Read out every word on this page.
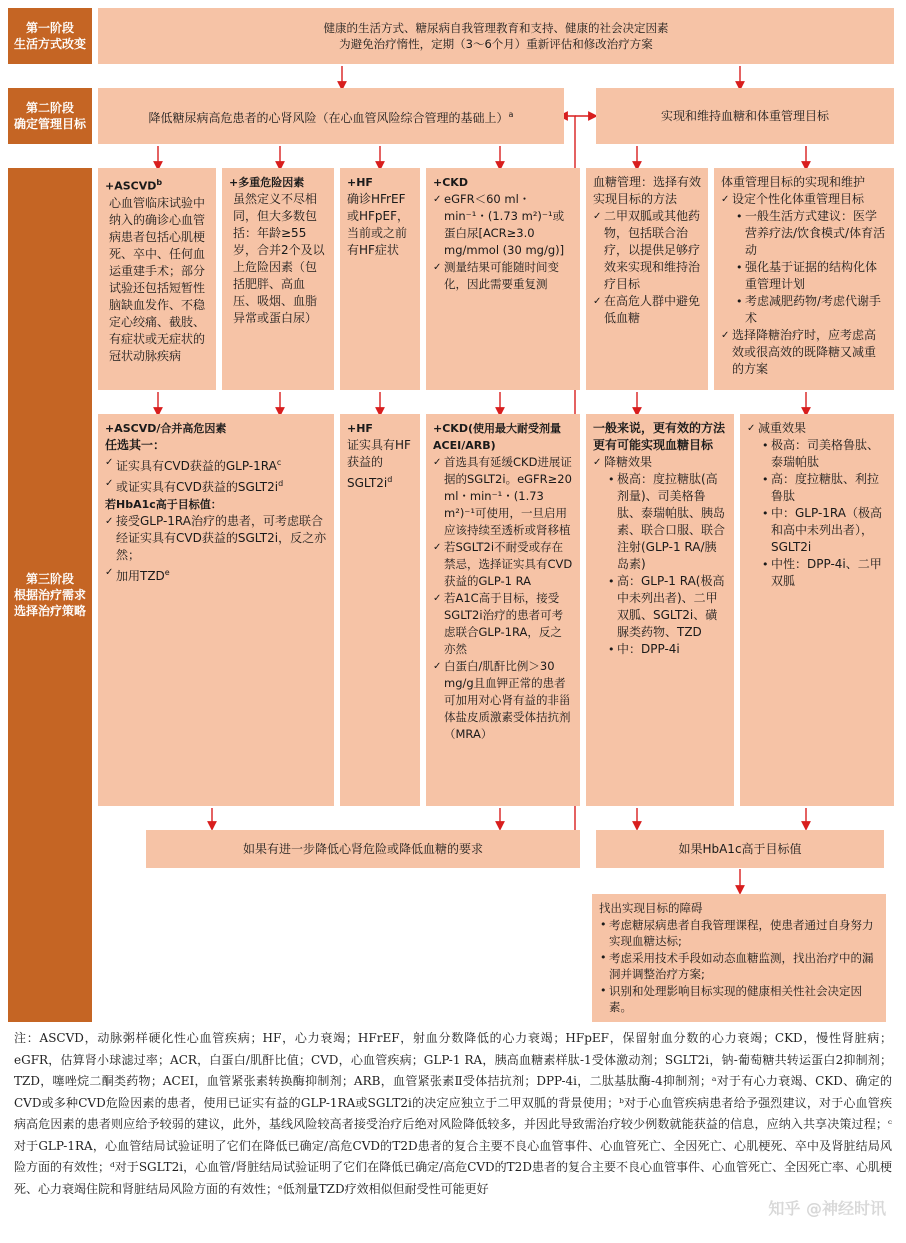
第一阶段
生活方式改变
第二阶段
确定管理目标
第三阶段
根据治疗需求
选择治疗策略
健康的生活方式、糖尿病自我管理教育和支持、健康的社会决定因素
为避免治疗惰性，定期（3～6个月）重新评估和修改治疗方案
降低糖尿病高危患者的心肾风险（在心血管风险综合管理的基础上）$^a$	实现和维持血糖和体重管理目标
$+ASCVD^b$
心血管临床试验中纳入的确诊心血管病患者包括心肌梗死、卒中、任何血运重建手术；部分试验还包括短暂性脑缺血发作、不稳定心绞痛、截肢、有症状或无症状的冠状动脉疾病
+多重危险因素
虽然定义不尽相同，但大多数包括：年龄≥55岁，合并2个及以上危险因素（包括肥胖、高血压、吸烟、血脂异常或蛋白尿）
+HF
确诊HFrEF或HFpEF，当前或之前有HF症状
+CKD
✓ eGFR＜60 ml・min⁻¹・(1.73 m²)⁻¹或蛋白尿[ACR≥3.0 mg/mmol (30 mg/g)]
✓ 测量结果可能随时间变化，因此需要重复测
血糖管理：选择有效实现目标的方法
✓ 二甲双胍或其他药物，包括联合治疗，以提供足够疗效来实现和维持治疗目标
✓ 在高危人群中避免低血糖
体重管理目标的实现和维护
✓ 设定个性化体重管理目标
• 一般生活方式建议：医学营养疗法/饮食模式/体育活动
• 强化基于证据的结构化体重管理计划
• 考虑减肥药物/考虑代谢手术
✓ 选择降糖治疗时，应考虑高效或很高效的既降糖又减重的方案
+ASCVD/合并高危因素
任选其一：
✓ 证实具有CVD获益的GLP-$1RA^c$
✓ 或证实具有CVD获益的$SGLT2i^d$
若HbA1c高于目标值：
✓ 接受GLP-1RA治疗的患者，可考虑联合经证实具有CVD获益的SGLT2i，反之亦然；
✓ 加用$TZD^e$
+HF
证实具有HF获益的$SGLT2i^d$
+CKD(使用最大耐受剂量ACEI/ARB)
✓ 首选具有延缓CKD进展证据的SGLT2i。eGFR≥20 ml・min⁻¹・(1.73 m²)⁻¹可使用，一旦启用应该持续至透析或肾移植
✓ 若SGLT2i不耐受或存在禁忌，选择证实具有CVD获益的GLP-1 RA
✓ 若A1C高于目标，接受SGLT2i治疗的患者可考虑联合GLP-1RA，反之亦然
✓ 白蛋白/肌酐比例＞30 mg/g且血钾正常的患者可加用对心肾有益的非甾体盐皮质激素受体拮抗剂（MRA）
一般来说，更有效的方法更有可能实现血糖目标
✓ 降糖效果
• 极高：度拉糖肽(高剂量)、司美格鲁肽、泰瑞帕肽、胰岛素、联合口服、联合注射(GLP-1 RA/胰岛素)
• 高：GLP-1 RA(极高中未列出者)、二甲双胍、SGLT2i、磺脲类药物、TZD
• 中：DPP-4i
✓ 减重效果
• 极高：司美格鲁肽、泰瑞帕肽
• 高：度拉糖肽、利拉鲁肽
• 中：GLP-1RA（极高和高中未列出者），SGLT2i
• 中性：DPP-4i、二甲双胍
如果有进一步降低心肾危险或降低血糖的要求	如果HbA1c高于目标值
找出实现目标的障碍
• 考虑糖尿病患者自我管理课程，使患者通过自身努力实现血糖达标;
• 考虑采用技术手段如动态血糖监测，找出治疗中的漏洞并调整治疗方案;
• 识别和处理影响目标实现的健康相关性社会决定因素。
注：ASCVD，动脉粥样硬化性心血管疾病；HF，心力衰竭；HFrEF，射血分数降低的心力衰竭；HFpEF，保留射血分数的心力衰竭；CKD，慢性肾脏病；eGFR，估算肾小球滤过率；ACR，白蛋白/肌酐比值；CVD，心血管疾病；GLP-1 RA，胰高血糖素样肽-1受体激动剂；SGLT2i，钠-葡萄糖共转运蛋白2抑制剂；TZD，噻唑烷二酮类药物；ACEI，血管紧张素转换酶抑制剂；ARB，血管紧张素Ⅱ受体拮抗剂；DPP-4i，二肽基肽酶-4抑制剂；ᵃ对于有心力衰竭、CKD、确定的CVD或多种CVD危险因素的患者，使用已证实有益的GLP-1RA或SGLT2i的决定应独立于二甲双胍的背景使用；ᵇ对于心血管疾病患者给予强烈建议，对于心血管疾病高危因素的患者则应给予较弱的建议，此外，基线风险较高者接受治疗后绝对风险降低较多，并因此导致需治疗较少例数就能获益的信息，应纳入共享决策过程；ᶜ对于GLP-1RA，心血管结局试验证明了它们在降低已确定/高危CVD的T2D患者的复合主要不良心血管事件、心血管死亡、全因死亡、心肌梗死、卒中及肾脏结局风险方面的有效性；ᵈ对于SGLT2i，心血管/肾脏结局试验证明了它们在降低已确定/高危CVD的T2D患者的复合主要不良心血管事件、心血管死亡、全因死亡率、心肌梗死、心力衰竭住院和肾脏结局风险方面的有效性；ᵉ低剂量TZD疗效相似但耐受性可能更好
知乎 @神经时讯
